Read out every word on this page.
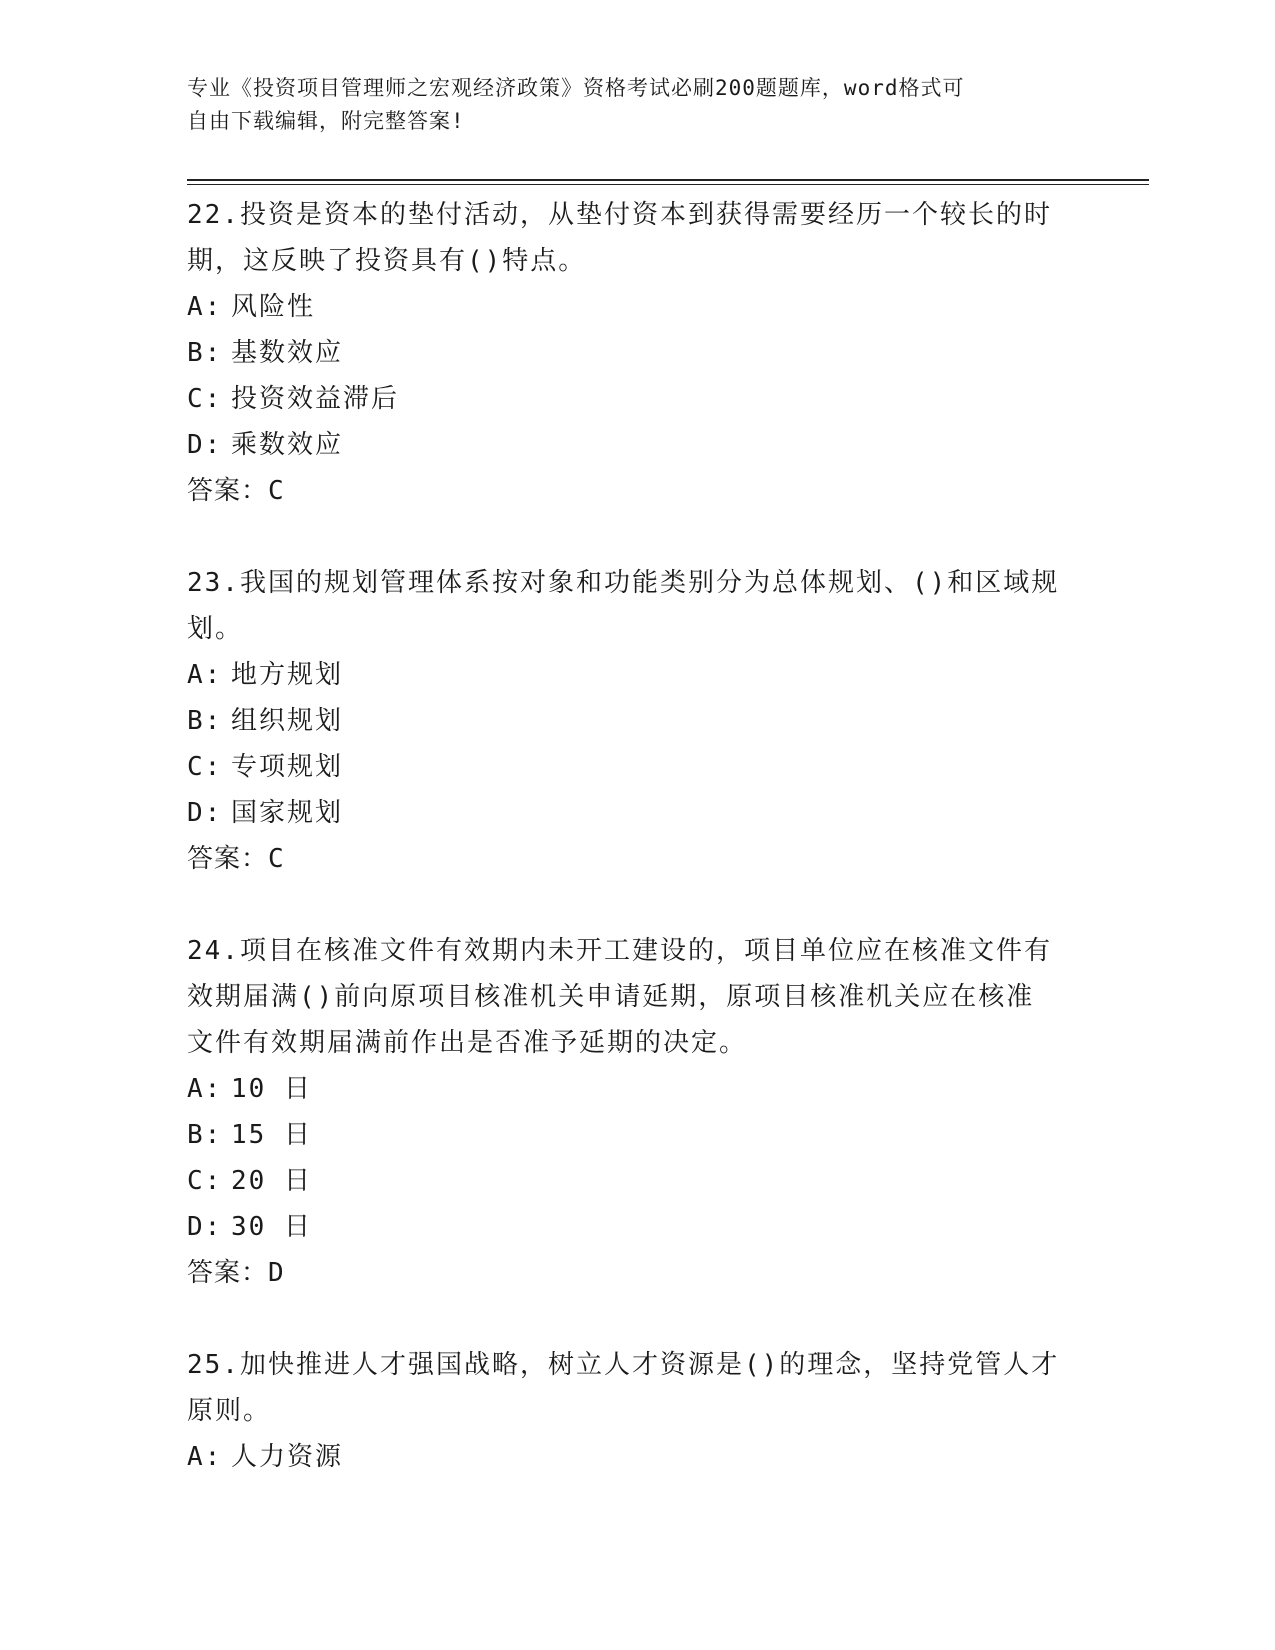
专业《投资项目管理师之宏观经济政策》资格考试必刷200题题库，word格式可
自由下载编辑，附完整答案!
22.投资是资本的垫付活动，从垫付资本到获得需要经历一个较长的时
期，这反映了投资具有()特点。
A: 风险性
B: 基数效应
C: 投资效益滞后
D: 乘数效应
答案：C
23.我国的规划管理体系按对象和功能类别分为总体规划、()和区域规
划。
A: 地方规划
B: 组织规划
C: 专项规划
D: 国家规划
答案：C
24.项目在核准文件有效期内未开工建设的，项目单位应在核准文件有
效期届满()前向原项目核准机关申请延期，原项目核准机关应在核准
文件有效期届满前作出是否准予延期的决定。
A: 10 日
B: 15 日
C: 20 日
D: 30 日
答案：D
25.加快推进人才强国战略，树立人才资源是()的理念，坚持党管人才
原则。
A: 人力资源
